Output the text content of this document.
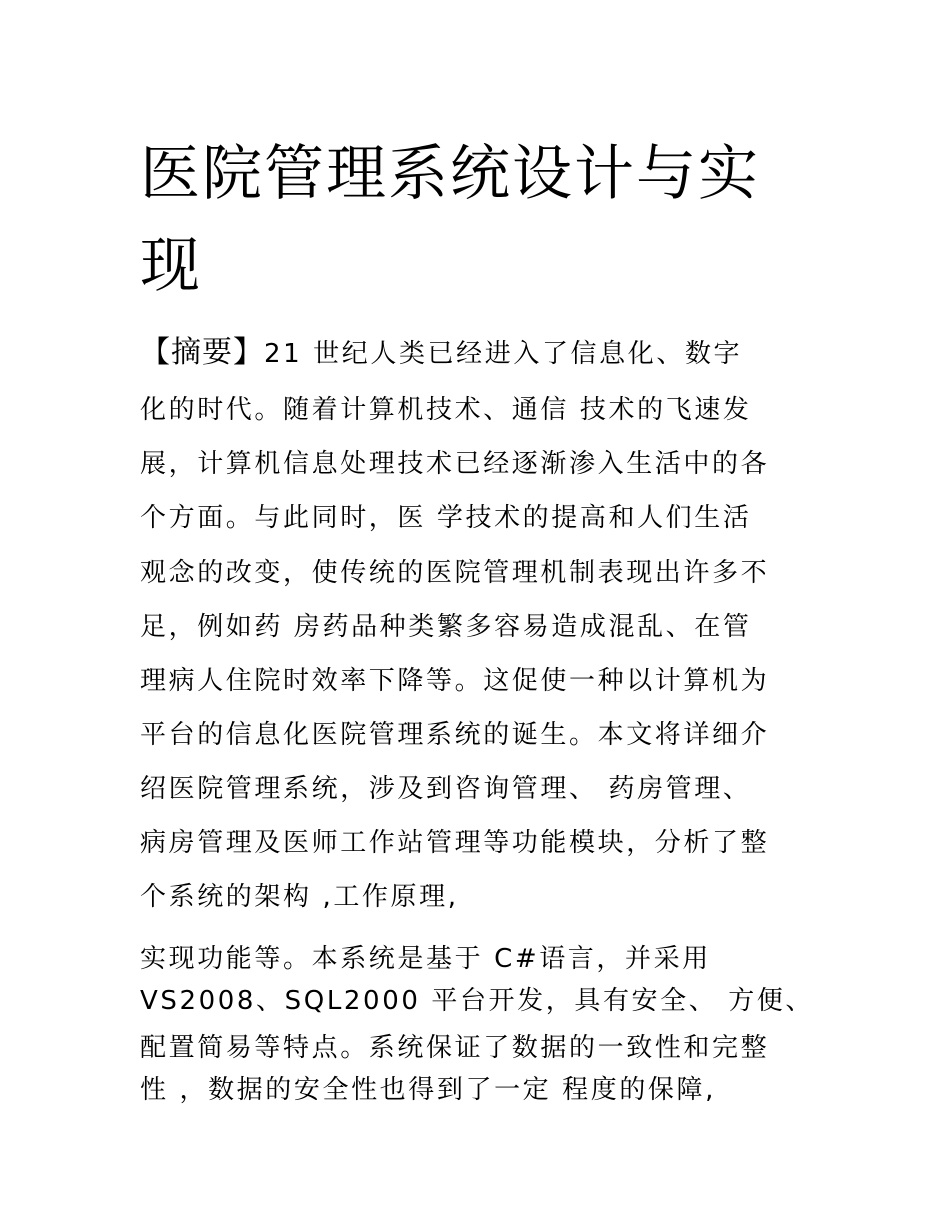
医院管理系统设计与实现
【摘要】21 世纪人类已经进入了信息化、数字
化的时代。随着计算机技术、通信 技术的飞速发
展，计算机信息处理技术已经逐渐渗入生活中的各
个方面。与此同时，医 学技术的提高和人们生活
观念的改变，使传统的医院管理机制表现出许多不
足，例如药 房药品种类繁多容易造成混乱、在管
理病人住院时效率下降等。这促使一种以计算机为
平台的信息化医院管理系统的诞生。本文将详细介
绍医院管理系统，涉及到咨询管理、 药房管理、
病房管理及医师工作站管理等功能模块，分析了整
个系统的架构 ,工作原理,
实现功能等。本系统是基于 C#语言，并采用
VS2008、SQL2000 平台开发，具有安全、 方便、
配置简易等特点。系统保证了数据的一致性和完整
性 ，数据的安全性也得到了一定 程度的保障,
